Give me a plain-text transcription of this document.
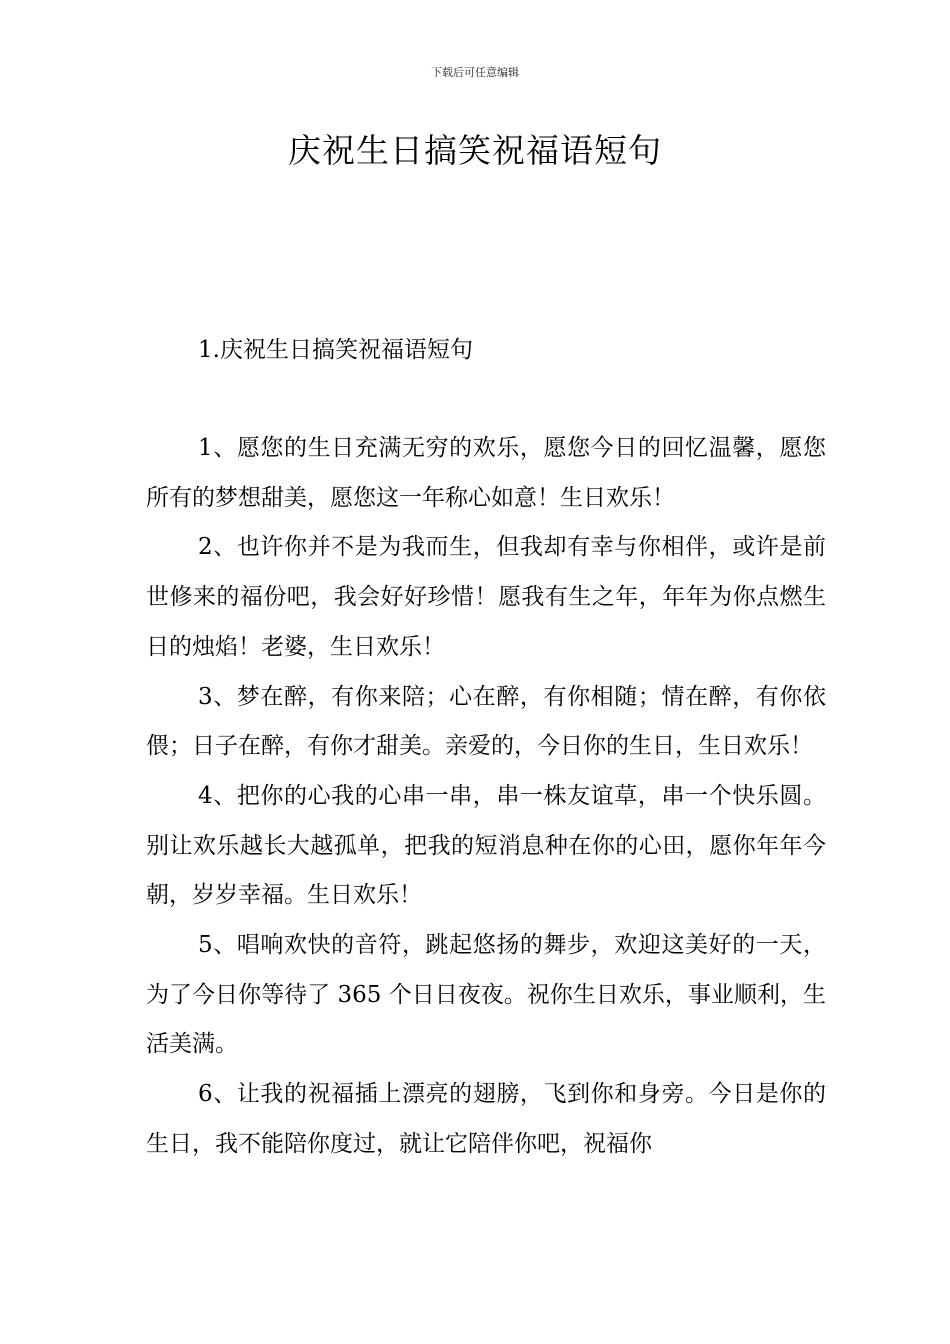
下载后可任意编辑
庆祝生日搞笑祝福语短句
1.庆祝生日搞笑祝福语短句

1、愿您的生日充满无穷的欢乐，愿您今日的回忆温馨，愿您所有的梦想甜美，愿您这一年称心如意！生日欢乐！

2、也许你并不是为我而生，但我却有幸与你相伴，或许是前世修来的福份吧，我会好好珍惜！愿我有生之年，年年为你点燃生日的烛焰！老婆，生日欢乐！

3、梦在醉，有你来陪；心在醉，有你相随；情在醉，有你依偎；日子在醉，有你才甜美。亲爱的，今日你的生日，生日欢乐！

4、把你的心我的心串一串，串一株友谊草，串一个快乐圆。别让欢乐越长大越孤单，把我的短消息种在你的心田，愿你年年今朝，岁岁幸福。生日欢乐！

5、唱响欢快的音符，跳起悠扬的舞步，欢迎这美好的一天，为了今日你等待了 365 个日日夜夜。祝你生日欢乐，事业顺利，生活美满。

6、让我的祝福插上漂亮的翅膀，飞到你和身旁。今日是你的生日，我不能陪你度过，就让它陪伴你吧，祝福你
